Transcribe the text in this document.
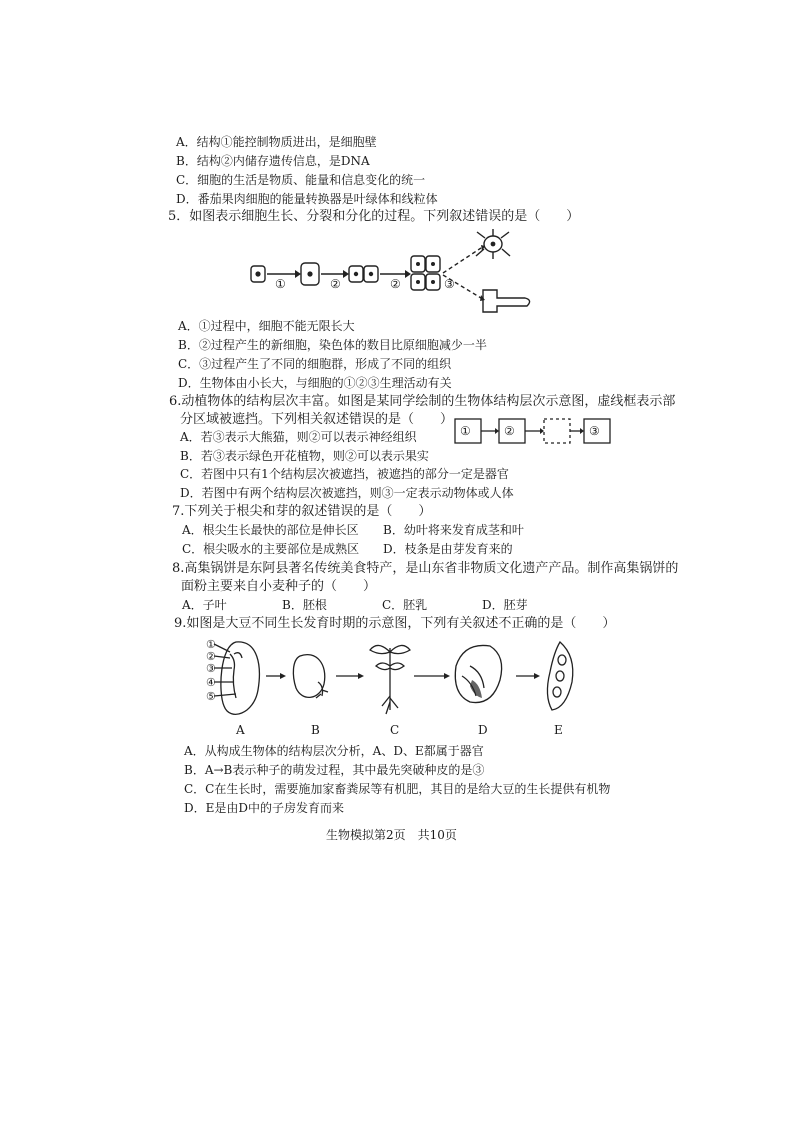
A．结构①能控制物质进出，是细胞壁
B．结构②内储存遗传信息，是DNA
C．细胞的生活是物质、能量和信息变化的统一
D．番茄果肉细胞的能量转换器是叶绿体和线粒体
5．如图表示细胞生长、分裂和分化的过程。下列叙述错误的是（　　）
①	②	②	③
A．①过程中，细胞不能无限长大
B．②过程产生的新细胞，染色体的数目比原细胞减少一半
C．③过程产生了不同的细胞群，形成了不同的组织
D．生物体由小长大，与细胞的①②③生理活动有关
6.动植物体的结构层次丰富。如图是某同学绘制的生物体结构层次示意图，虚线框表示部
分区域被遮挡。下列相关叙述错误的是（　　）
①	②	③
A．若③表示大熊猫，则②可以表示神经组织
B．若③表示绿色开花植物，则②可以表示果实
C．若图中只有1个结构层次被遮挡，被遮挡的部分一定是器官
D．若图中有两个结构层次被遮挡，则③一定表示动物体或人体
7.下列关于根尖和芽的叙述错误的是（　　）
A．根尖生长最快的部位是伸长区 B．幼叶将来发育成茎和叶
C．根尖吸水的主要部位是成熟区 D．枝条是由芽发育来的
8.高集锅饼是东阿县著名传统美食特产，是山东省非物质文化遗产产品。制作高集锅饼的
面粉主要来自小麦种子的（　　）
A．子叶	B．胚根	C．胚乳	D．胚芽
9.如图是大豆不同生长发育时期的示意图，下列有关叙述不正确的是（　　）
①
②
③
④
⑤
A	B	C	D	E
A．从构成生物体的结构层次分析，A、D、E都属于器官
B．A→B表示种子的萌发过程，其中最先突破种皮的是③
C．C在生长时，需要施加家畜粪尿等有机肥，其目的是给大豆的生长提供有机物
D．E是由D中的子房发育而来
生物模拟第2页　共10页
